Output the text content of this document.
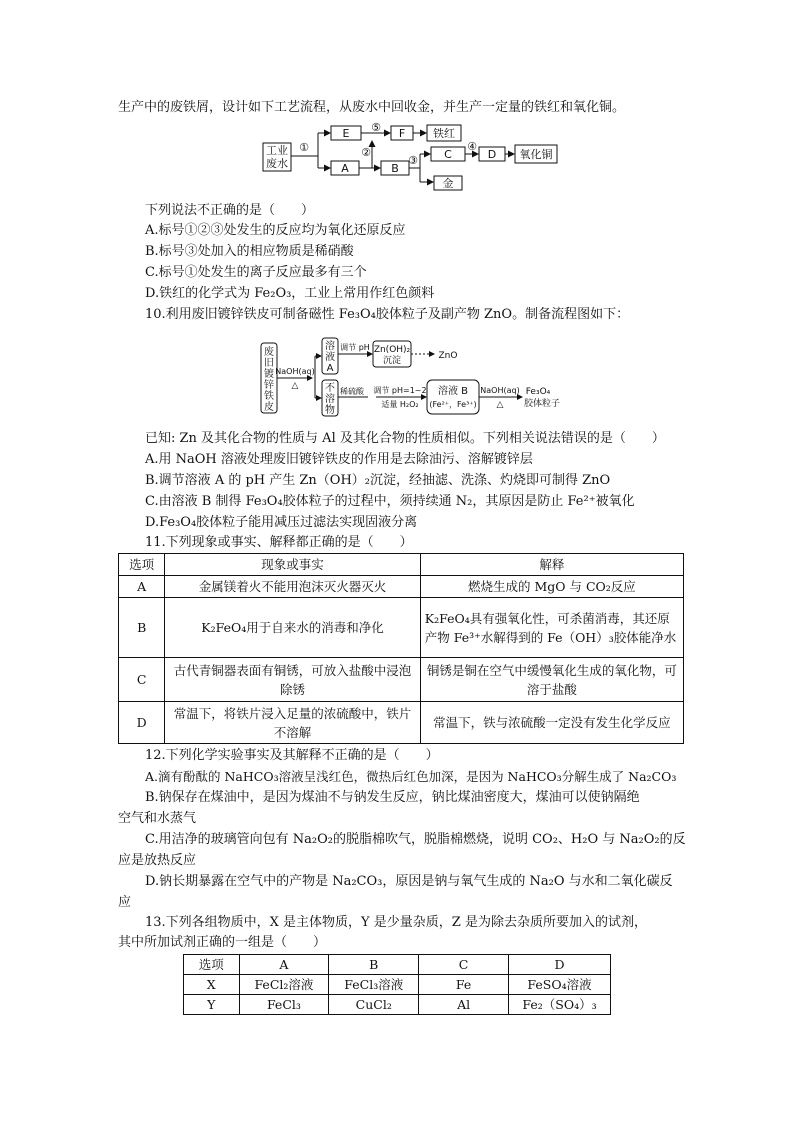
生产中的废铁屑，设计如下工艺流程，从废水中回收金，并生产一定量的铁红和氧化铜。
工业
废水
E	F
A	B
C	D
铁红
金
氧化铜
①
⑤
②
③
④
下列说法不正确的是（　　）
A.标号①②③处发生的反应均为氧化还原反应
B.标号③处加入的相应物质是稀硝酸
C.标号①处发生的离子反应最多有三个
D.铁红的化学式为 Fe₂O₃，工业上常用作红色颜料
10.利用废旧镀锌铁皮可制备磁性 Fe₃O₄胶体粒子及副产物 ZnO。制备流程图如下：
废
旧
镀
锌
铁
皮
NaOH(aq)
△
溶
液
A
不
溶
物
调节 pH Zn(OH)₂
沉淀	ZnO
稀硫酸 调节 pH=1~2
适量 H₂O₂
溶液 B
(Fe²⁺，Fe³⁺)
NaOH(aq)
△
Fe₃O₄
胶体粒子
已知: Zn 及其化合物的性质与 Al 及其化合物的性质相似。下列相关说法错误的是（　　）
A.用 NaOH 溶液处理废旧镀锌铁皮的作用是去除油污、溶解镀锌层
B.调节溶液 A 的 pH 产生 Zn（OH）₂沉淀，经抽滤、洗涤、灼烧即可制得 ZnO
C.由溶液 B 制得 Fe₃O₄胶体粒子的过程中，须持续通 N₂，其原因是防止 Fe²⁺被氧化
D.Fe₃O₄胶体粒子能用减压过滤法实现固液分离
11.下列现象或事实、解释都正确的是（　　）
选项	现象或事实	解释
A	金属镁着火不能用泡沫灭火器灭火	燃烧生成的 MgO 与 CO₂反应
B	K₂FeO₄用于自来水的消毒和净化	K₂FeO₄具有强氧化性，可杀菌消毒，其还原产物 Fe³⁺水解得到的 Fe（OH）₃胶体能净水
C	古代青铜器表面有铜锈，可放入盐酸中浸泡除锈	铜锈是铜在空气中缓慢氧化生成的氧化物，可溶于盐酸
D	常温下，将铁片浸入足量的浓硫酸中，铁片不溶解	常温下，铁与浓硫酸一定没有发生化学反应
12.下列化学实验事实及其解释不正确的是（　　）
A.滴有酚酞的 NaHCO₃溶液呈浅红色，微热后红色加深，是因为 NaHCO₃分解生成了 Na₂CO₃
B.钠保存在煤油中，是因为煤油不与钠发生反应，钠比煤油密度大，煤油可以使钠隔绝
空气和水蒸气
C.用洁净的玻璃管向包有 Na₂O₂的脱脂棉吹气，脱脂棉燃烧，说明 CO₂、H₂O 与 Na₂O₂的反
应是放热反应
D.钠长期暴露在空气中的产物是 Na₂CO₃，原因是钠与氧气生成的 Na₂O 与水和二氧化碳反
应
13.下列各组物质中，X 是主体物质，Y 是少量杂质，Z 是为除去杂质所要加入的试剂，
其中所加试剂正确的一组是（　　）
选项	A	B	C	D
X	FeCl₂溶液	FeCl₃溶液	Fe	FeSO₄溶液
Y	FeCl₃	CuCl₂	Al	Fe₂（SO₄）₃
